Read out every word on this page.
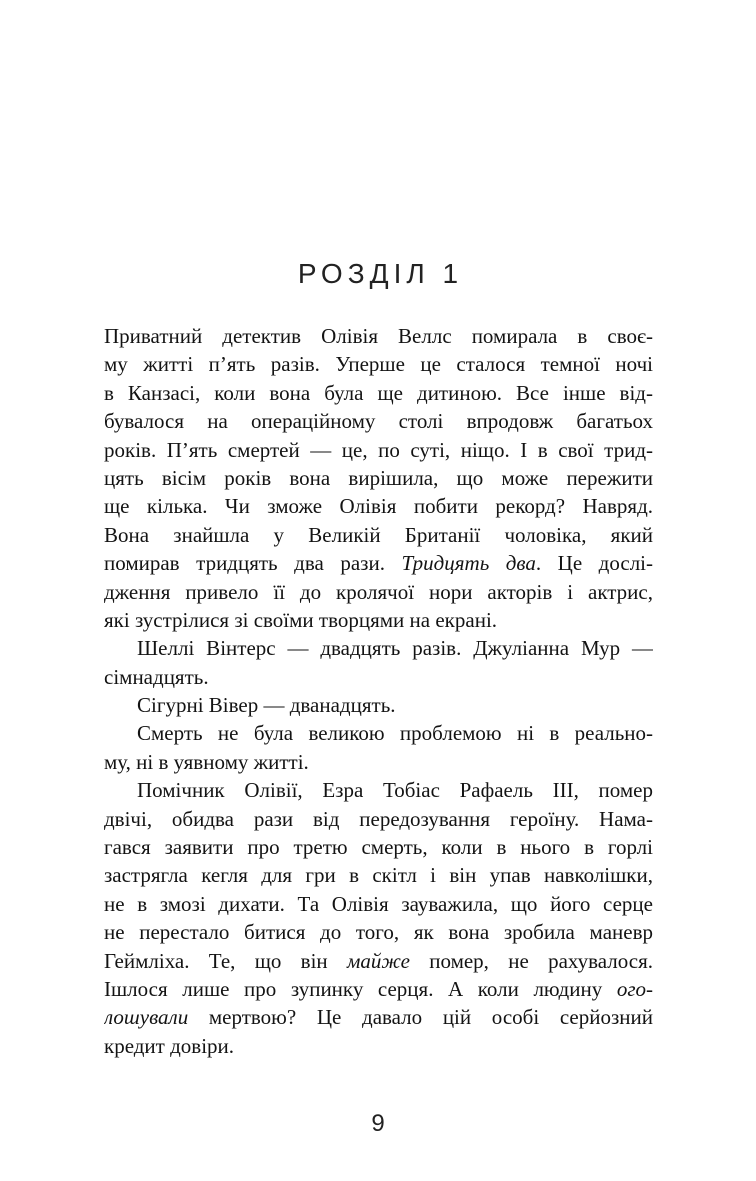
РОЗДІЛ 1
Приватний детектив Олівія Веллс помирала в своє-
му житті п’ять разів. Уперше це сталося темної ночі
в Канзасі, коли вона була ще дитиною. Все інше від-
бувалося на операційному столі впродовж багатьох
років. П’ять смертей — це, по суті, ніщо. І в свої трид-
цять вісім років вона вирішила, що може пережити
ще кілька. Чи зможе Олівія побити рекорд? Навряд.
Вона знайшла у Великій Британії чоловіка, який
помирав тридцять два рази. Тридцять два. Це дослі-
дження привело її до кролячої нори акторів і актрис,
які зустрілися зі своїми творцями на екрані.
Шеллі Вінтерс — двадцять разів. Джуліанна Мур —
сімнадцять.
Сігурні Вівер — дванадцять.
Смерть не була великою проблемою ні в реально-
му, ні в уявному житті.
Помічник Олівії, Езра Тобіас Рафаель III, помер
двічі, обидва рази від передозування героїну. Нама-
гався заявити про третю смерть, коли в нього в горлі
застрягла кегля для гри в скітл і він упав навколішки,
не в змозі дихати. Та Олівія зауважила, що його серце
не перестало битися до того, як вона зробила маневр
Геймліха. Те, що він майже помер, не рахувалося.
Ішлося лише про зупинку серця. А коли людину ого-
лошували мертвою? Це давало цій особі серйозний
кредит довіри.
9
